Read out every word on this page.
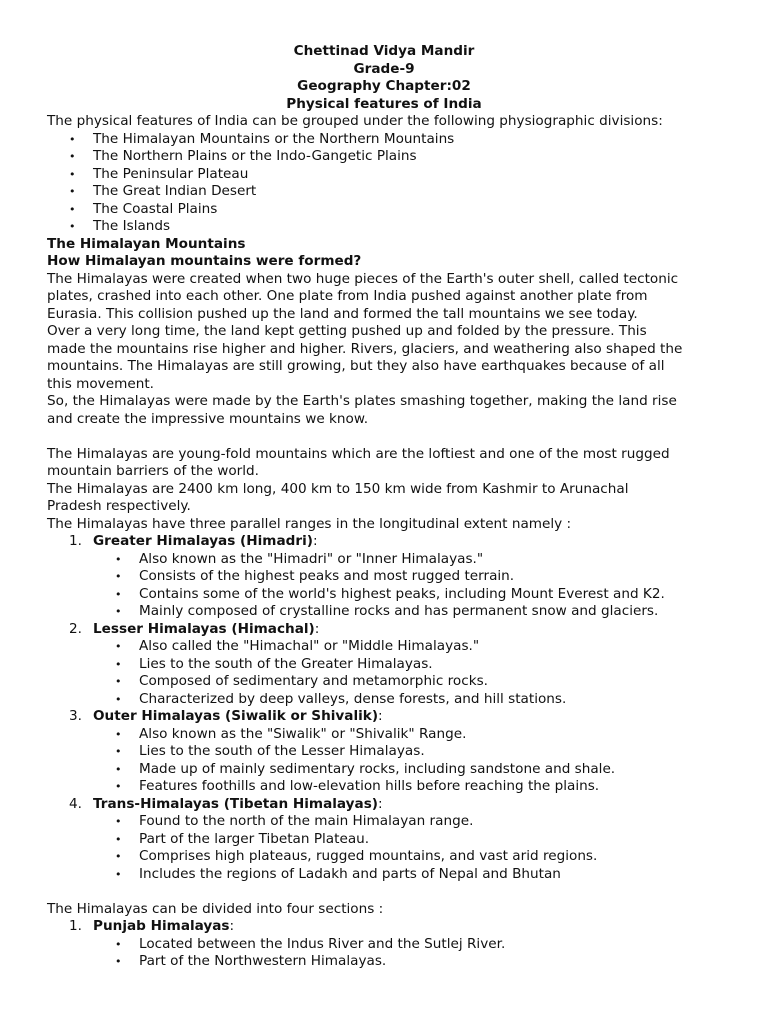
Chettinad Vidya Mandir
Grade-9
Geography Chapter:02
Physical features of India
The physical features of India can be grouped under the following physiographic divisions:
• The Himalayan Mountains or the Northern Mountains
• The Northern Plains or the Indo-Gangetic Plains
• The Peninsular Plateau
• The Great Indian Desert
• The Coastal Plains
• The Islands
The Himalayan Mountains
How Himalayan mountains were formed?
The Himalayas were created when two huge pieces of the Earth's outer shell, called tectonic
plates, crashed into each other. One plate from India pushed against another plate from
Eurasia. This collision pushed up the land and formed the tall mountains we see today.
Over a very long time, the land kept getting pushed up and folded by the pressure. This
made the mountains rise higher and higher. Rivers, glaciers, and weathering also shaped the
mountains. The Himalayas are still growing, but they also have earthquakes because of all
this movement.
So, the Himalayas were made by the Earth's plates smashing together, making the land rise
and create the impressive mountains we know.
The Himalayas are young-fold mountains which are the loftiest and one of the most rugged
mountain barriers of the world.
The Himalayas are 2400 km long, 400 km to 150 km wide from Kashmir to Arunachal
Pradesh respectively.
The Himalayas have three parallel ranges in the longitudinal extent namely :
1. Greater Himalayas (Himadri):
• Also known as the "Himadri" or "Inner Himalayas."
• Consists of the highest peaks and most rugged terrain.
• Contains some of the world's highest peaks, including Mount Everest and K2.
• Mainly composed of crystalline rocks and has permanent snow and glaciers.
2. Lesser Himalayas (Himachal):
• Also called the "Himachal" or "Middle Himalayas."
• Lies to the south of the Greater Himalayas.
• Composed of sedimentary and metamorphic rocks.
• Characterized by deep valleys, dense forests, and hill stations.
3. Outer Himalayas (Siwalik or Shivalik):
• Also known as the "Siwalik" or "Shivalik" Range.
• Lies to the south of the Lesser Himalayas.
• Made up of mainly sedimentary rocks, including sandstone and shale.
• Features foothills and low-elevation hills before reaching the plains.
4. Trans-Himalayas (Tibetan Himalayas):
• Found to the north of the main Himalayan range.
• Part of the larger Tibetan Plateau.
• Comprises high plateaus, rugged mountains, and vast arid regions.
• Includes the regions of Ladakh and parts of Nepal and Bhutan
The Himalayas can be divided into four sections :
1. Punjab Himalayas:
• Located between the Indus River and the Sutlej River.
• Part of the Northwestern Himalayas.
